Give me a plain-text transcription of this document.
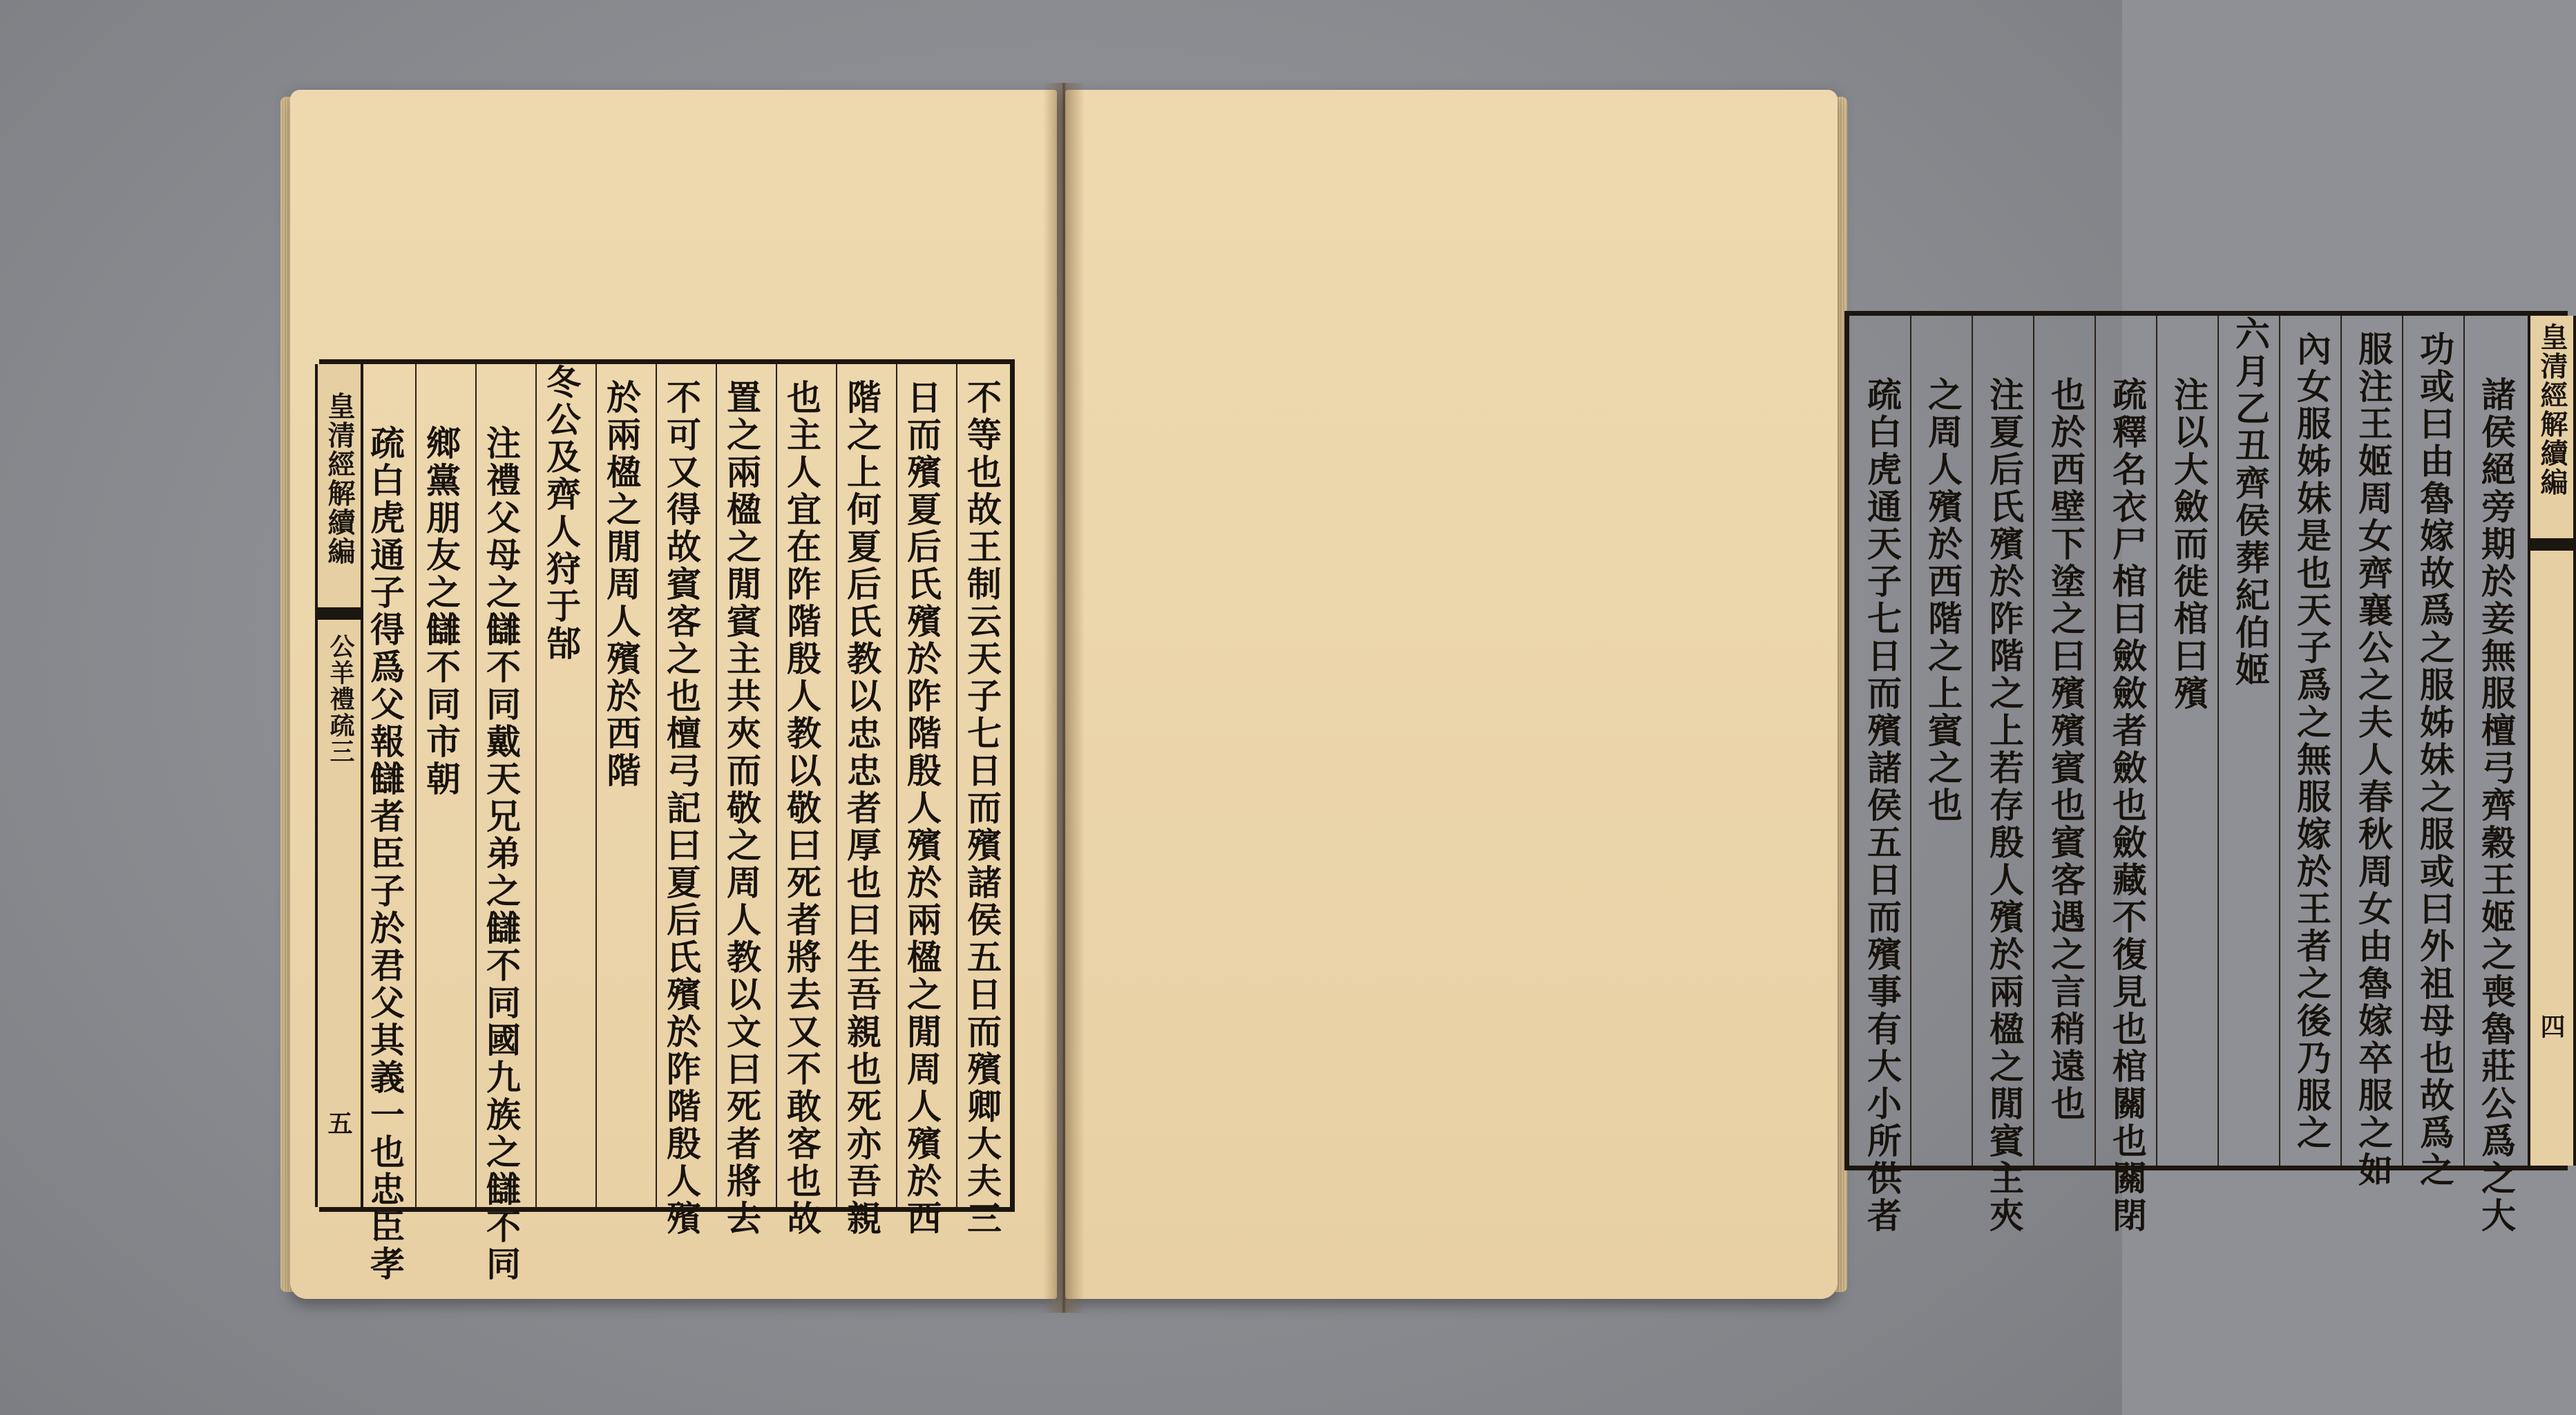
皇清經解續編
公羊禮疏三
五	不等也故王制云天子七日而殯諸侯五日而殯卿大夫三
日而殯夏后氏殯於阼階殷人殯於兩楹之閒周人殯於西
階之上何夏后氏教以忠忠者厚也曰生吾親也死亦吾親
也主人宜在阼階殷人教以敬曰死者將去又不敢客也故
置之兩楹之閒賓主共夾而敬之周人教以文曰死者將去
不可又得故賓客之也檀弓記曰夏后氏殯於阼階殷人殯
於兩楹之閒周人殯於西階
冬公及齊人狩于郜
注禮父母之讎不同戴天兄弟之讎不同國九族之讎不同
鄉黨朋友之讎不同市朝
疏白虎通子得爲父報讎者臣子於君父其義一也忠臣孝
皇清經解續編
四
諸侯絕旁期於妾無服檀弓齊穀王姬之喪魯莊公爲之大
功或曰由魯嫁故爲之服姊妹之服或曰外祖母也故爲之
服注王姬周女齊襄公之夫人春秋周女由魯嫁卒服之如
內女服姊妹是也天子爲之無服嫁於王者之後乃服之
六月乙丑齊侯葬紀伯姬
注以大斂而徙棺曰殯
疏釋名衣尸棺曰斂斂者斂也斂藏不復見也棺關也關閉
也於西壁下塗之曰殯殯賓也賓客遇之言稍遠也
注夏后氏殯於阼階之上若存殷人殯於兩楹之閒賓主夾
之周人殯於西階之上賓之也
疏白虎通天子七日而殯諸侯五日而殯事有大小所供者
